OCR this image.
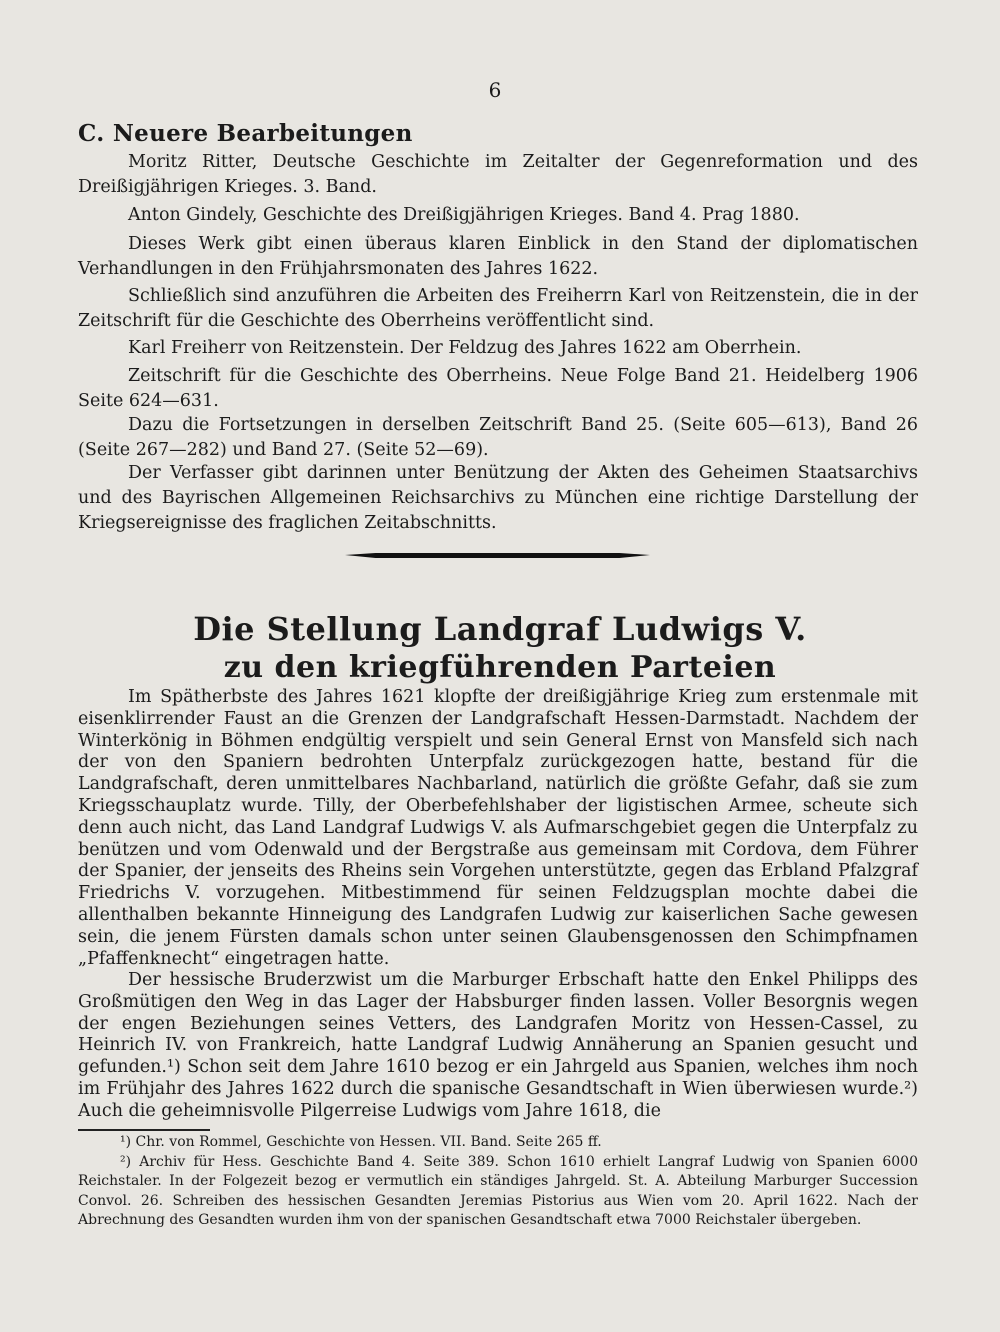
6
C. Neuere Bearbeitungen
Moritz Ritter, Deutsche Geschichte im Zeitalter der Gegenreformation und des Dreißigjährigen Krieges. 3. Band.
Anton Gindely, Geschichte des Dreißigjährigen Krieges. Band 4. Prag 1880.
Dieses Werk gibt einen überaus klaren Einblick in den Stand der diplomatischen Verhandlungen in den Frühjahrsmonaten des Jahres 1622.
Schließlich sind anzuführen die Arbeiten des Freiherrn Karl von Reitzenstein, die in der Zeitschrift für die Geschichte des Oberrheins veröffentlicht sind.
Karl Freiherr von Reitzenstein. Der Feldzug des Jahres 1622 am Oberrhein.
Zeitschrift für die Geschichte des Oberrheins. Neue Folge Band 21. Heidelberg 1906 Seite 624—631.
Dazu die Fortsetzungen in derselben Zeitschrift Band 25. (Seite 605—613), Band 26 (Seite 267—282) und Band 27. (Seite 52—69).
Der Verfasser gibt darinnen unter Benützung der Akten des Geheimen Staatsarchivs und des Bayrischen Allgemeinen Reichsarchivs zu München eine richtige Darstellung der Kriegsereignisse des fraglichen Zeitabschnitts.
Die Stellung Landgraf Ludwigs V.
zu den kriegführenden Parteien
Im Spätherbste des Jahres 1621 klopfte der dreißigjährige Krieg zum erstenmale mit eisenklirrender Faust an die Grenzen der Landgrafschaft Hessen-Darmstadt. Nachdem der Winterkönig in Böhmen endgültig verspielt und sein General Ernst von Mansfeld sich nach der von den Spaniern bedrohten Unterpfalz zurückgezogen hatte, bestand für die Landgrafschaft, deren unmittelbares Nachbarland, natürlich die größte Gefahr, daß sie zum Kriegsschauplatz wurde. Tilly, der Oberbefehlshaber der ligistischen Armee, scheute sich denn auch nicht, das Land Landgraf Ludwigs V. als Aufmarschgebiet gegen die Unterpfalz zu benützen und vom Odenwald und der Bergstraße aus gemeinsam mit Cordova, dem Führer der Spanier, der jenseits des Rheins sein Vorgehen unterstützte, gegen das Erbland Pfalzgraf Friedrichs V. vorzugehen. Mitbestimmend für seinen Feldzugsplan mochte dabei die allenthalben bekannte Hinneigung des Landgrafen Ludwig zur kaiserlichen Sache gewesen sein, die jenem Fürsten damals schon unter seinen Glaubensgenossen den Schimpfnamen „Pfaffenknecht“ eingetragen hatte.
Der hessische Bruderzwist um die Marburger Erbschaft hatte den Enkel Philipps des Großmütigen den Weg in das Lager der Habsburger finden lassen. Voller Besorgnis wegen der engen Beziehungen seines Vetters, des Landgrafen Moritz von Hessen-Cassel, zu Heinrich IV. von Frankreich, hatte Landgraf Ludwig Annäherung an Spanien gesucht und gefunden.¹) Schon seit dem Jahre 1610 bezog er ein Jahrgeld aus Spanien, welches ihm noch im Frühjahr des Jahres 1622 durch die spanische Gesandtschaft in Wien überwiesen wurde.²) Auch die geheimnisvolle Pilgerreise Ludwigs vom Jahre 1618, die
¹) Chr. von Rommel, Geschichte von Hessen. VII. Band. Seite 265 ff.
²) Archiv für Hess. Geschichte Band 4. Seite 389. Schon 1610 erhielt Langraf Ludwig von Spanien 6000 Reichstaler. In der Folgezeit bezog er vermutlich ein ständiges Jahrgeld. St. A. Abteilung Marburger Succession Convol. 26. Schreiben des hessischen Gesandten Jeremias Pistorius aus Wien vom 20. April 1622. Nach der Abrechnung des Gesandten wurden ihm von der spanischen Gesandtschaft etwa 7000 Reichstaler übergeben.
